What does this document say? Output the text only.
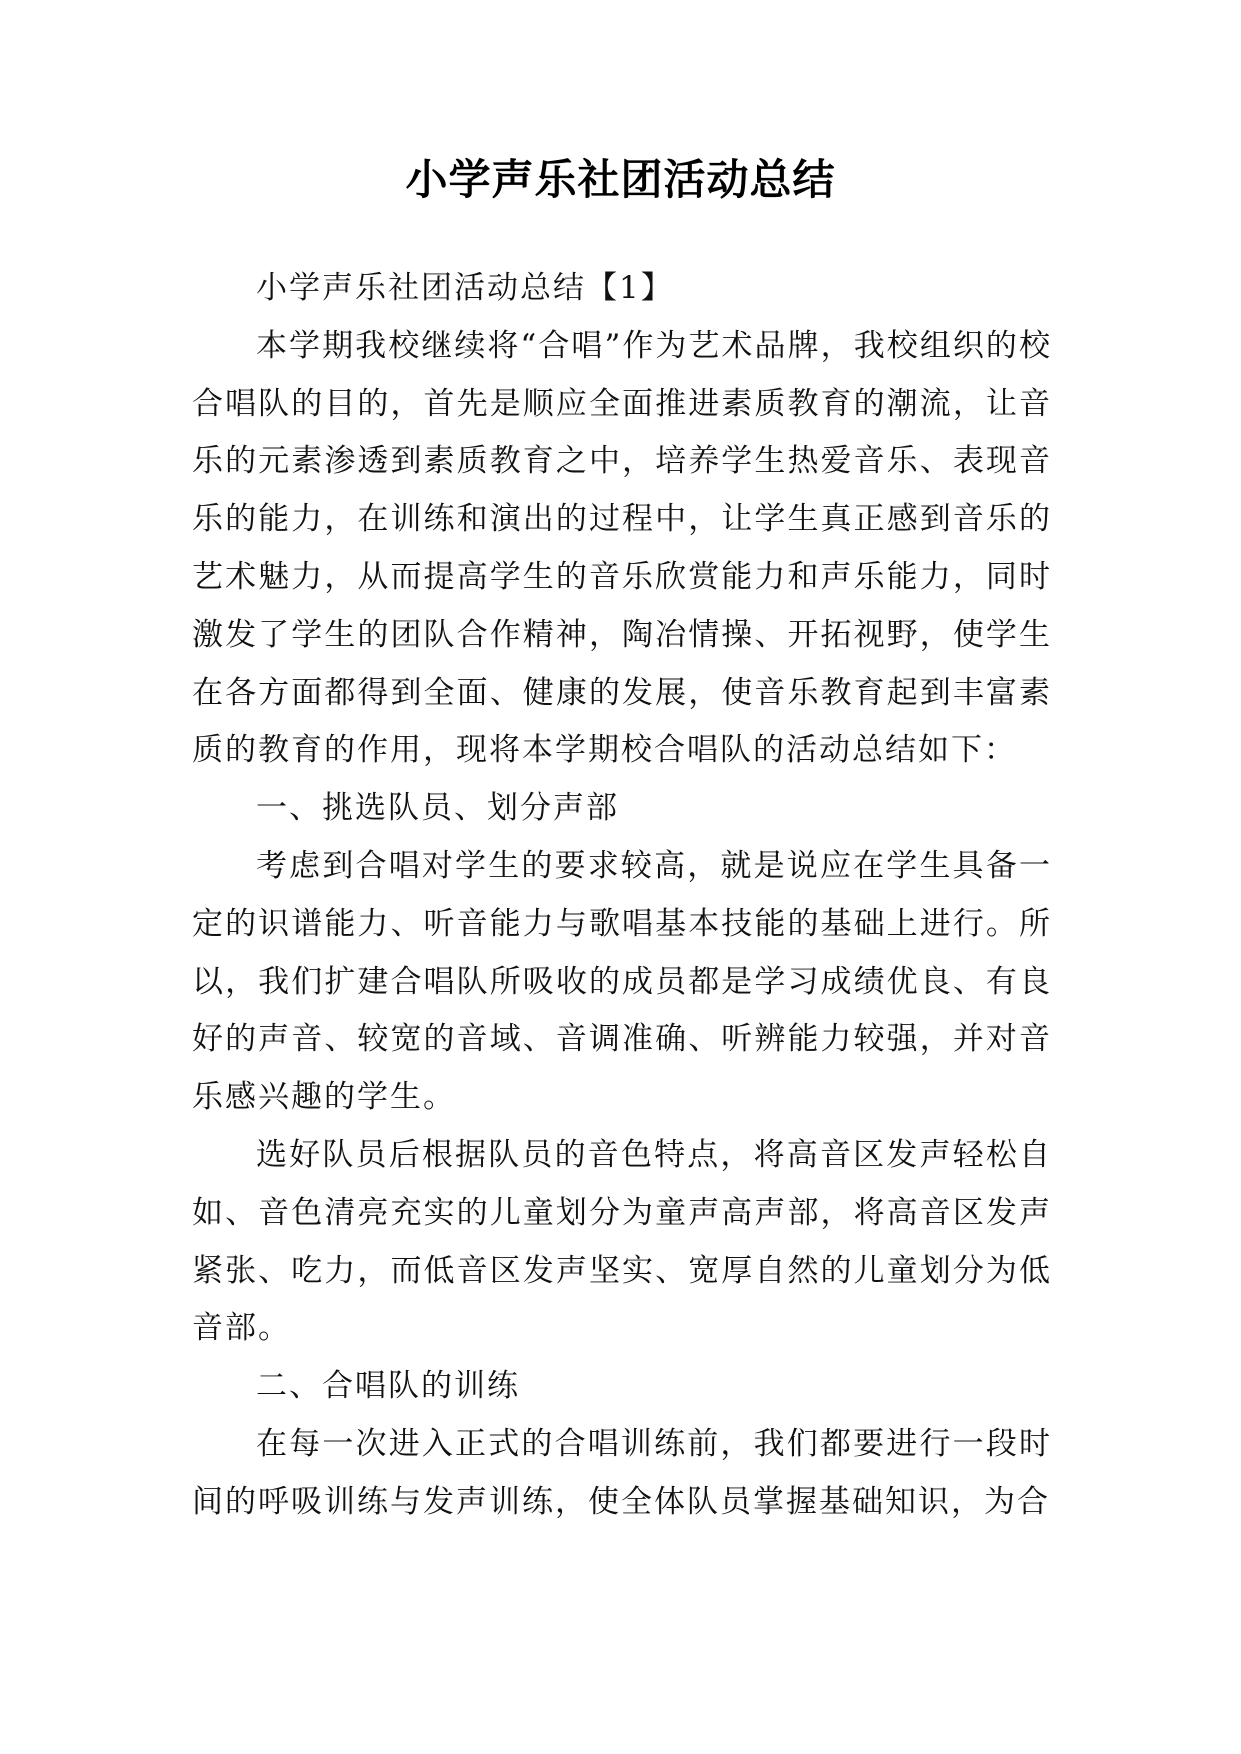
小学声乐社团活动总结

小学声乐社团活动总结【1】

本学期我校继续将“合唱”作为艺术品牌，我校组织的校合唱队的目的，首先是顺应全面推进素质教育的潮流，让音乐的元素渗透到素质教育之中，培养学生热爱音乐、表现音乐的能力，在训练和演出的过程中，让学生真正感到音乐的艺术魅力，从而提高学生的音乐欣赏能力和声乐能力，同时激发了学生的团队合作精神，陶冶情操、开拓视野，使学生在各方面都得到全面、健康的发展，使音乐教育起到丰富素质的教育的作用，现将本学期校合唱队的活动总结如下：

一、挑选队员、划分声部

考虑到合唱对学生的要求较高，就是说应在学生具备一定的识谱能力、听音能力与歌唱基本技能的基础上进行。所以，我们扩建合唱队所吸收的成员都是学习成绩优良、有良好的声音、较宽的音域、音调准确、听辨能力较强，并对音乐感兴趣的学生。

选好队员后根据队员的音色特点，将高音区发声轻松自如、音色清亮充实的儿童划分为童声高声部，将高音区发声紧张、吃力，而低音区发声坚实、宽厚自然的儿童划分为低音部。

二、合唱队的训练

在每一次进入正式的合唱训练前，我们都要进行一段时间的呼吸训练与发声训练，使全体队员掌握基础知识，为合
